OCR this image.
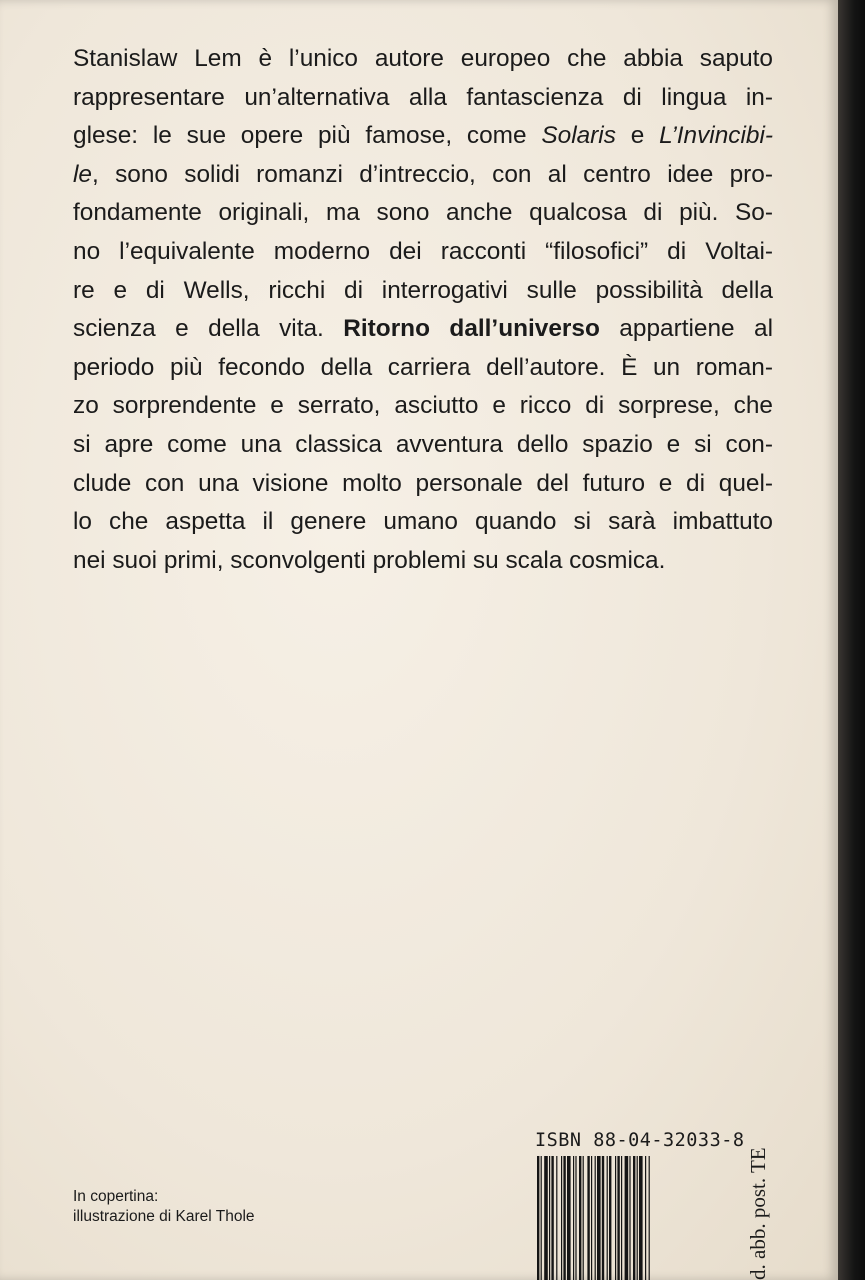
Stanislaw Lem è l’unico autore europeo che abbia saputo
rappresentare un’alternativa alla fantascienza di lingua in-
glese: le sue opere più famose, come Solaris e L’Invincibi-
le, sono solidi romanzi d’intreccio, con al centro idee pro-
fondamente originali, ma sono anche qualcosa di più. So-
no l’equivalente moderno dei racconti “filosofici” di Voltai-
re e di Wells, ricchi di interrogativi sulle possibilità della
scienza e della vita. Ritorno dall’universo appartiene al
periodo più fecondo della carriera dell’autore. È un roman-
zo sorprendente e serrato, asciutto e ricco di sorprese, che
si apre come una classica avventura dello spazio e si con-
clude con una visione molto personale del futuro e di quel-
lo che aspetta il genere umano quando si sarà imbattuto
nei suoi primi, sconvolgenti problemi su scala cosmica.
In copertina:
illustrazione di Karel Thole
ISBN 88-04-32033-8
d. abb. post. TE
